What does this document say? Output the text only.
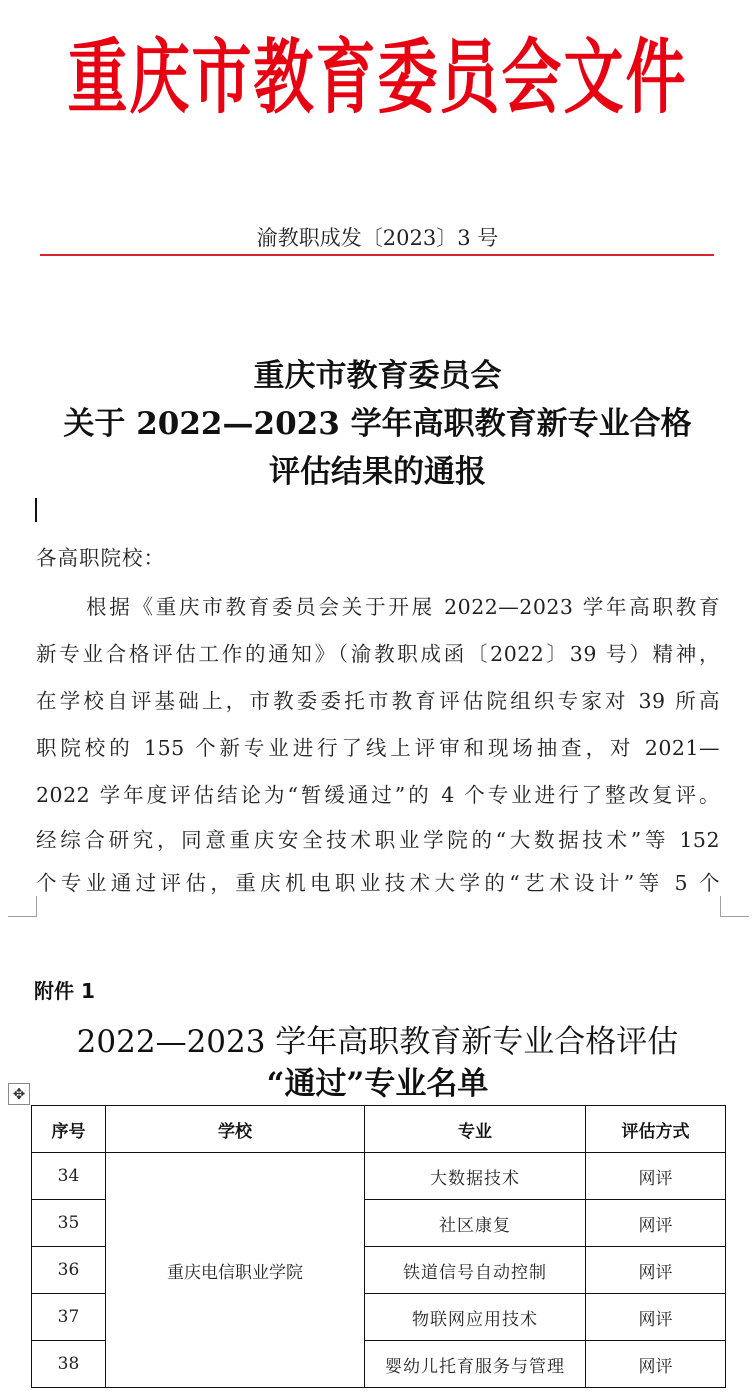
重庆市教育委员会文件
渝教职成发〔2023〕3 号
重庆市教育委员会
关于 2022—2023 学年高职教育新专业合格
评估结果的通报
各高职院校：
根据《重庆市教育委员会关于开展 2022—2023 学年高职教育
新专业合格评估工作的通知》（渝教职成函〔2022〕39 号）精神，
在学校自评基础上，市教委委托市教育评估院组织专家对 39 所高
职院校的 155 个新专业进行了线上评审和现场抽查，对 2021—
2022 学年度评估结论为“暂缓通过”的 4 个专业进行了整改复评。
经综合研究，同意重庆安全技术职业学院的“大数据技术”等 152
个专业通过评估，重庆机电职业技术大学的“艺术设计”等 5 个
附件 1
2022—2023 学年高职教育新专业合格评估
“通过”专业名单
✥
序号	学校	专业	评估方式
34	重庆电信职业学院	大数据技术	网评
35		社区康复	网评
36		铁道信号自动控制	网评
37		物联网应用技术	网评
38		婴幼儿托育服务与管理	网评
